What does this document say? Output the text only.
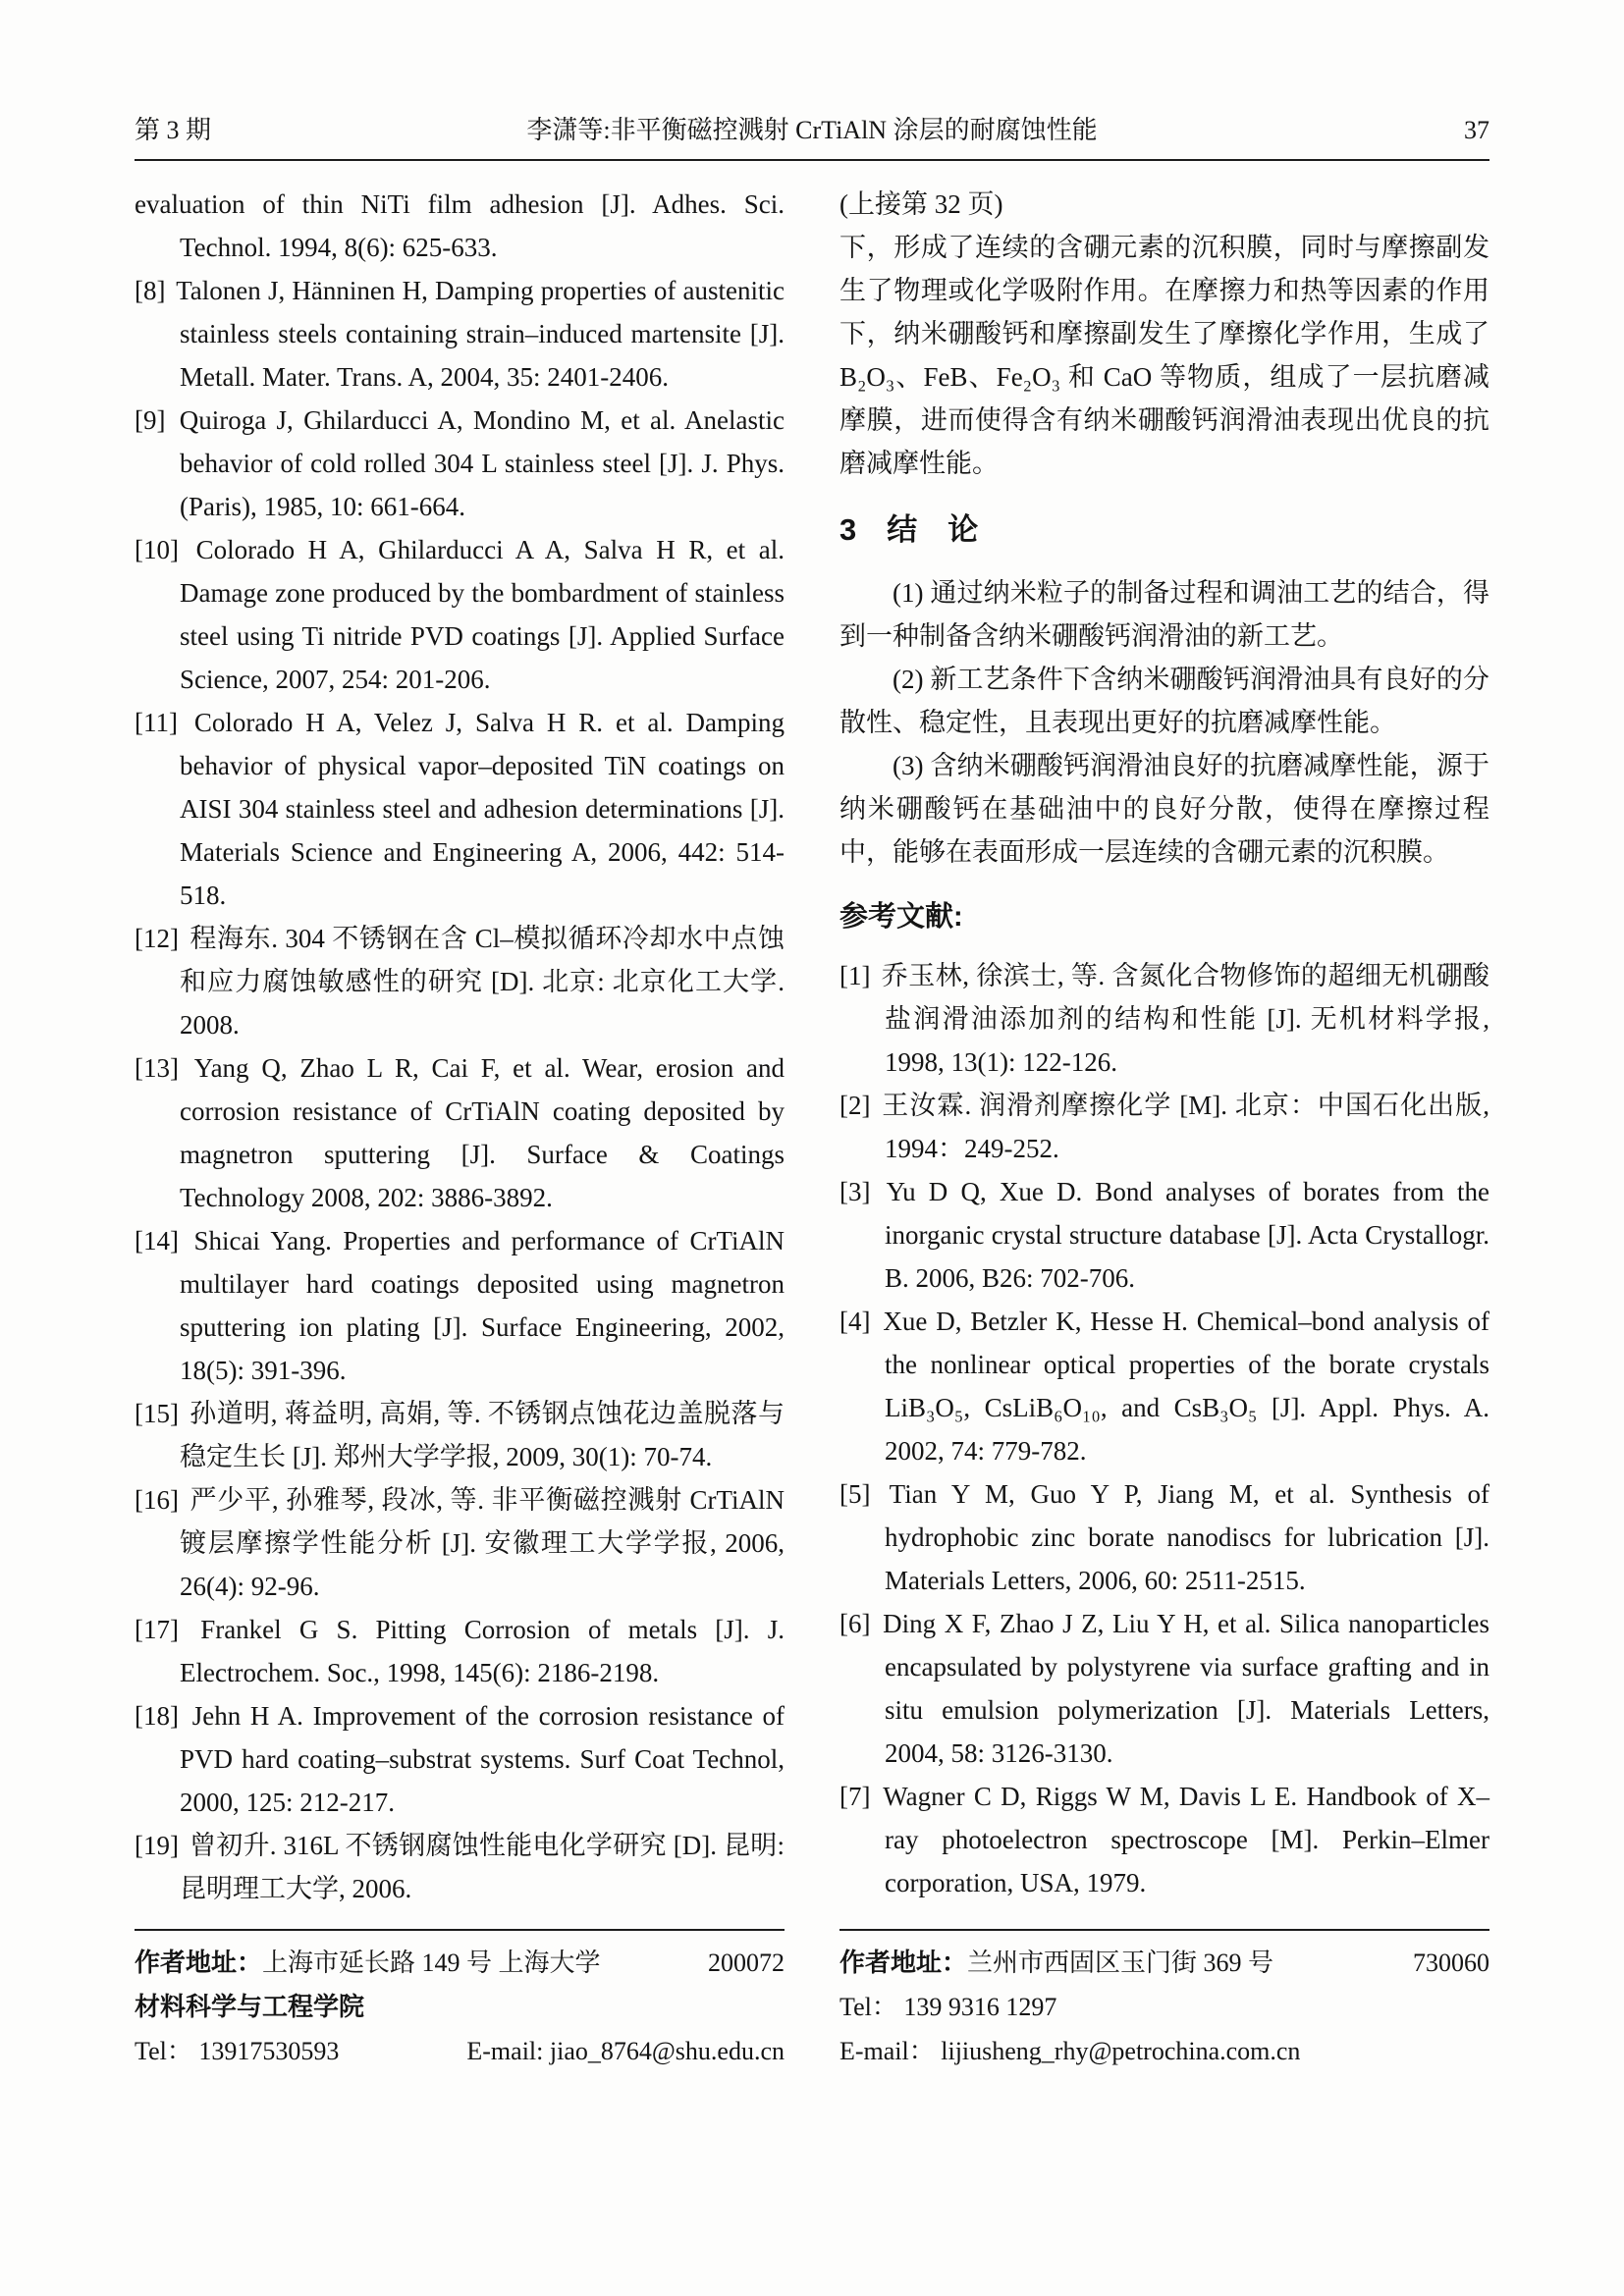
第 3 期	李潇等:非平衡磁控溅射 CrTiAlN 涂层的耐腐蚀性能	37
evaluation of thin NiTi film adhesion [J]. Adhes. Sci. Technol. 1994, 8(6): 625-633.
[8] Talonen J, Hänninen H, Damping properties of austenitic stainless steels containing strain–induced martensite [J]. Metall. Mater. Trans. A, 2004, 35: 2401-2406.
[9] Quiroga J, Ghilarducci A, Mondino M, et al. Anelastic behavior of cold rolled 304 L stainless steel [J]. J. Phys. (Paris), 1985, 10: 661-664.
[10] Colorado H A, Ghilarducci A A, Salva H R, et al. Damage zone produced by the bombardment of stainless steel using Ti nitride PVD coatings [J]. Applied Surface Science, 2007, 254: 201-206.
[11] Colorado H A, Velez J, Salva H R. et al. Damping behavior of physical vapor–deposited TiN coatings on AISI 304 stainless steel and adhesion determinations [J]. Materials Science and Engineering A, 2006, 442: 514-518.
[12] 程海东. 304 不锈钢在含 Cl–模拟循环冷却水中点蚀和应力腐蚀敏感性的研究 [D]. 北京: 北京化工大学. 2008.
[13] Yang Q, Zhao L R, Cai F, et al. Wear, erosion and corrosion resistance of CrTiAlN coating deposited by magnetron sputtering [J]. Surface & Coatings Technology 2008, 202: 3886-3892.
[14] Shicai Yang. Properties and performance of CrTiAlN multilayer hard coatings deposited using magnetron sputtering ion plating [J]. Surface Engineering, 2002, 18(5): 391-396.
[15] 孙道明, 蒋益明, 高娟, 等. 不锈钢点蚀花边盖脱落与稳定生长 [J]. 郑州大学学报, 2009, 30(1): 70-74.
[16] 严少平, 孙雅琴, 段冰, 等. 非平衡磁控溅射 CrTiAlN 镀层摩擦学性能分析 [J]. 安徽理工大学学报, 2006, 26(4): 92-96.
[17] Frankel G S. Pitting Corrosion of metals [J]. J. Electrochem. Soc., 1998, 145(6): 2186-2198.
[18] Jehn H A. Improvement of the corrosion resistance of PVD hard coating–substrat systems. Surf Coat Technol, 2000, 125: 212-217.
[19] 曾初升. 316L 不锈钢腐蚀性能电化学研究 [D]. 昆明: 昆明理工大学, 2006.
作者地址：上海市延长路 149 号 上海大学	200072
材料科学与工程学院
Tel： 13917530593	E-mail: jiao_8764@shu.edu.cn
(上接第 32 页)
下，形成了连续的含硼元素的沉积膜，同时与摩擦副发生了物理或化学吸附作用。在摩擦力和热等因素的作用下，纳米硼酸钙和摩擦副发生了摩擦化学作用，生成了 B₂O₃、FeB、Fe₂O₃ 和 CaO 等物质，组成了一层抗磨减摩膜，进而使得含有纳米硼酸钙润滑油表现出优良的抗磨减摩性能。
3　结　论
(1) 通过纳米粒子的制备过程和调油工艺的结合，得到一种制备含纳米硼酸钙润滑油的新工艺。
(2) 新工艺条件下含纳米硼酸钙润滑油具有良好的分散性、稳定性，且表现出更好的抗磨减摩性能。
(3) 含纳米硼酸钙润滑油良好的抗磨减摩性能，源于纳米硼酸钙在基础油中的良好分散，使得在摩擦过程中，能够在表面形成一层连续的含硼元素的沉积膜。
参考文献:
[1] 乔玉林, 徐滨士, 等. 含氮化合物修饰的超细无机硼酸盐润滑油添加剂的结构和性能 [J]. 无机材料学报, 1998, 13(1): 122-126.
[2] 王汝霖. 润滑剂摩擦化学 [M]. 北京：中国石化出版, 1994：249-252.
[3] Yu D Q, Xue D. Bond analyses of borates from the inorganic crystal structure database [J]. Acta Crystallogr. B. 2006, B26: 702-706.
[4] Xue D, Betzler K, Hesse H. Chemical–bond analysis of the nonlinear optical properties of the borate crystals LiB₃O₅, CsLiB₆O₁₀, and CsB₃O₅ [J]. Appl. Phys. A. 2002, 74: 779-782.
[5] Tian Y M, Guo Y P, Jiang M, et al. Synthesis of hydrophobic zinc borate nanodiscs for lubrication [J]. Materials Letters, 2006, 60: 2511-2515.
[6] Ding X F, Zhao J Z, Liu Y H, et al. Silica nanoparticles encapsulated by polystyrene via surface grafting and in situ emulsion polymerization [J]. Materials Letters, 2004, 58: 3126-3130.
[7] Wagner C D, Riggs W M, Davis L E. Handbook of X–ray photoelectron spectroscope [M]. Perkin–Elmer corporation, USA, 1979.
作者地址：兰州市西固区玉门街 369 号	730060
Tel： 139 9316 1297
E-mail： lijiusheng_rhy@petrochina.com.cn
